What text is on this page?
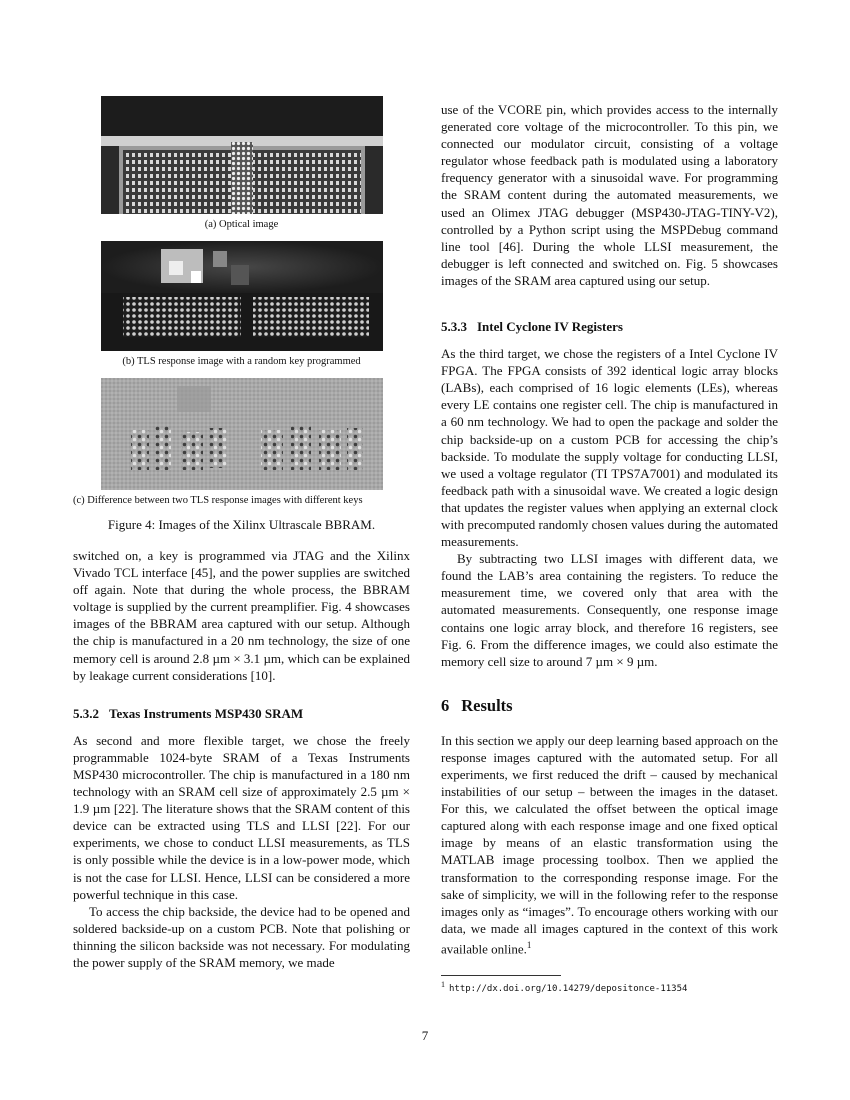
(a) Optical image
(b) TLS response image with a random key programmed
(c) Difference between two TLS response images with different keys
Figure 4: Images of the Xilinx Ultrascale BBRAM.

switched on, a key is programmed via JTAG and the Xilinx Vivado TCL interface [45], and the power supplies are switched off again. Note that during the whole process, the BBRAM voltage is supplied by the current preamplifier. Fig. 4 showcases images of the BBRAM area captured with our setup. Although the chip is manufactured in a 20 nm technology, the size of one memory cell is around 2.8 µm × 3.1 µm, which can be explained by leakage current considerations [10].

5.3.2 Texas Instruments MSP430 SRAM

As second and more flexible target, we chose the freely programmable 1024-byte SRAM of a Texas Instruments MSP430 microcontroller. The chip is manufactured in a 180 nm technology with an SRAM cell size of approximately 2.5 µm × 1.9 µm [22]. The literature shows that the SRAM content of this device can be extracted using TLS and LLSI [22]. For our experiments, we chose to conduct LLSI measurements, as TLS is only possible while the device is in a low-power mode, which is not the case for LLSI. Hence, LLSI can be considered a more powerful technique in this case.

To access the chip backside, the device had to be opened and soldered backside-up on a custom PCB. Note that polishing or thinning the silicon backside was not necessary. For modulating the power supply of the SRAM memory, we made

use of the VCORE pin, which provides access to the internally generated core voltage of the microcontroller. To this pin, we connected our modulator circuit, consisting of a voltage regulator whose feedback path is modulated using a laboratory frequency generator with a sinusoidal wave. For programming the SRAM content during the automated measurements, we used an Olimex JTAG debugger (MSP430-JTAG-TINY-V2), controlled by a Python script using the MSPDebug command line tool [46]. During the whole LLSI measurement, the debugger is left connected and switched on. Fig. 5 showcases images of the SRAM area captured using our setup.

5.3.3 Intel Cyclone IV Registers

As the third target, we chose the registers of a Intel Cyclone IV FPGA. The FPGA consists of 392 identical logic array blocks (LABs), each comprised of 16 logic elements (LEs), whereas every LE contains one register cell. The chip is manufactured in a 60 nm technology. We had to open the package and solder the chip backside-up on a custom PCB for accessing the chip’s backside. To modulate the supply voltage for conducting LLSI, we used a voltage regulator (TI TPS7A7001) and modulated its feedback path with a sinusoidal wave. We created a logic design that updates the register values when applying an external clock with precomputed randomly chosen values during the automated measurements.

By subtracting two LLSI images with different data, we found the LAB’s area containing the registers. To reduce the measurement time, we covered only that area with the automated measurements. Consequently, one response image contains one logic array block, and therefore 16 registers, see Fig. 6. From the difference images, we could also estimate the memory cell size to around 7 µm × 9 µm.

6 Results

In this section we apply our deep learning based approach on the response images captured with the automated setup. For all experiments, we first reduced the drift – caused by mechanical instabilities of our setup – between the images in the dataset. For this, we calculated the offset between the optical image captured along with each response image and one fixed optical image by means of an elastic transformation using the MATLAB image processing toolbox. Then we applied the transformation to the corresponding response image. For the sake of simplicity, we will in the following refer to the response images only as “images”. To encourage others working with our data, we made all images captured in the context of this work available online.$^1$

$^1$ http://dx.doi.org/10.14279/depositonce-11354
7
